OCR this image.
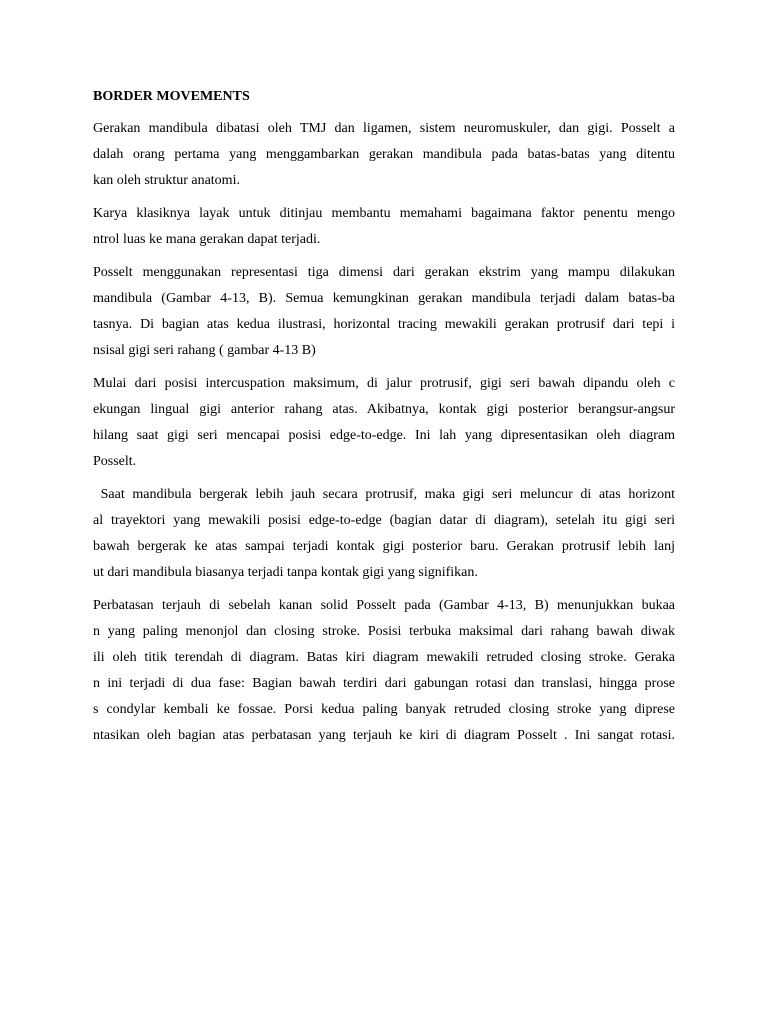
BORDER MOVEMENTS
Gerakan mandibula dibatasi oleh TMJ dan ligamen, sistem neuromuskuler, dan gigi. Posselt a
dalah orang pertama yang menggambarkan gerakan mandibula pada batas-batas yang ditentu
kan oleh struktur anatomi.
Karya klasiknya layak untuk ditinjau membantu memahami bagaimana faktor penentu mengo
ntrol luas ke mana gerakan dapat terjadi.
Posselt menggunakan representasi tiga dimensi dari gerakan ekstrim yang mampu dilakukan
mandibula (Gambar 4-13, B). Semua kemungkinan gerakan mandibula terjadi dalam batas-ba
tasnya. Di bagian atas kedua ilustrasi, horizontal tracing mewakili gerakan protrusif dari tepi i
nsisal gigi seri rahang ( gambar 4-13 B)
Mulai dari posisi intercuspation maksimum, di jalur protrusif, gigi seri bawah dipandu oleh c
ekungan lingual gigi anterior rahang atas. Akibatnya, kontak gigi posterior berangsur-angsur
hilang saat gigi seri mencapai posisi edge-to-edge. Ini lah yang dipresentasikan oleh diagram
Posselt.
Saat mandibula bergerak lebih jauh secara protrusif, maka gigi seri meluncur di atas horizont
al trayektori yang mewakili posisi edge-to-edge (bagian datar di diagram), setelah itu gigi seri
bawah bergerak ke atas sampai terjadi kontak gigi posterior baru. Gerakan protrusif lebih lanj
ut dari mandibula biasanya terjadi tanpa kontak gigi yang signifikan.
Perbatasan terjauh di sebelah kanan solid Posselt pada (Gambar 4-13, B) menunjukkan bukaa
n yang paling menonjol dan closing stroke. Posisi terbuka maksimal dari rahang bawah diwak
ili oleh titik terendah di diagram. Batas kiri diagram mewakili retruded closing stroke. Geraka
n ini terjadi di dua fase: Bagian bawah terdiri dari gabungan rotasi dan translasi, hingga prose
s condylar kembali ke fossae. Porsi kedua paling banyak retruded closing stroke yang diprese
ntasikan oleh bagian atas perbatasan yang terjauh ke kiri di diagram Posselt . Ini sangat rotasi.
